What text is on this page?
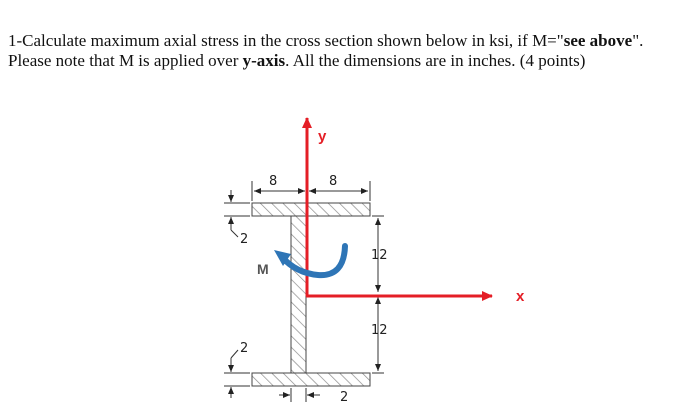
1-Calculate maximum axial stress in the cross section shown below in ksi, if M="see above".
Please note that M is applied over y-axis. All the dimensions are in inches. (4 points)
8	8
2
2
12
12
2
y
x
M
